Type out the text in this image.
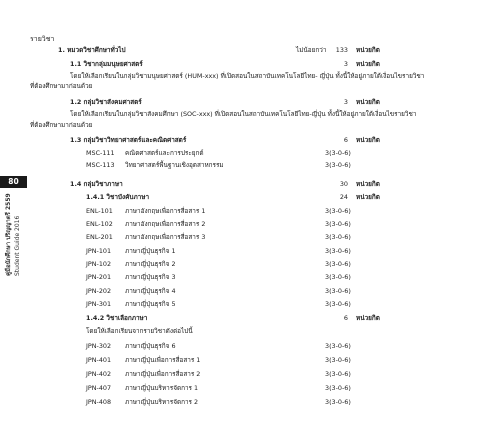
80
คู่มือนักศึกษา ปริญญาตรี 2559 Student Guide 2016
รายวิชา
1. หมวดวิชาศึกษาทั่วไป	ไม่น้อยกว่า	133 หน่วยกิต
1.1 วิชากลุ่มมนุษยศาสตร์	3 หน่วยกิต
โดยให้เลือกเรียนในกลุ่มวิชามนุษยศาสตร์ (HUM-xxx) ที่เปิดสอนในสถาบันเทคโนโลยีไทย- ญี่ปุ่น ทั้งนี้ให้อยู่ภายใต้เงื่อนไขรายวิชา
ที่ต้องศึกษามาก่อนด้วย
1.2 กลุ่มวิชาสังคมศาสตร์	3 หน่วยกิต
โดยให้เลือกเรียนในกลุ่มวิชาสังคมศึกษา (SOC-xxx) ที่เปิดสอนในสถาบันเทคโนโลยีไทย-ญี่ปุ่น ทั้งนี้ให้อยู่ภายใต้เงื่อนไขรายวิชา
ที่ต้องศึกษามาก่อนด้วย
1.3 กลุ่มวิชาวิทยาศาสตร์และคณิตศาสตร์	6 หน่วยกิต
MSC-111 คณิตศาสตร์และการประยุกต์	3(3-0-6)
MSC-113 วิทยาศาสตร์พื้นฐานเชิงอุตสาหกรรม	3(3-0-6)
1.4 กลุ่มวิชาภาษา	30 หน่วยกิต
1.4.1 วิชาบังคับภาษา	24 หน่วยกิต
ENL-101 ภาษาอังกฤษเพื่อการสื่อสาร 1	3(3-0-6)
ENL-102 ภาษาอังกฤษเพื่อการสื่อสาร 2	3(3-0-6)
ENL-201 ภาษาอังกฤษเพื่อการสื่อสาร 3	3(3-0-6)
JPN-101 ภาษาญี่ปุ่นธุรกิจ 1	3(3-0-6)
JPN-102 ภาษาญี่ปุ่นธุรกิจ 2	3(3-0-6)
JPN-201 ภาษาญี่ปุ่นธุรกิจ 3	3(3-0-6)
JPN-202 ภาษาญี่ปุ่นธุรกิจ 4	3(3-0-6)
JPN-301 ภาษาญี่ปุ่นธุรกิจ 5	3(3-0-6)
1.4.2 วิชาเลือกภาษา	6 หน่วยกิต
โดยให้เลือกเรียนจากรายวิชาดังต่อไปนี้
JPN-302 ภาษาญี่ปุ่นธุรกิจ 6	3(3-0-6)
JPN-401 ภาษาญี่ปุ่นเพื่อการสื่อสาร 1	3(3-0-6)
JPN-402 ภาษาญี่ปุ่นเพื่อการสื่อสาร 2	3(3-0-6)
JPN-407 ภาษาญี่ปุ่นบริหารจัดการ 1	3(3-0-6)
JPN-408 ภาษาญี่ปุ่นบริหารจัดการ 2	3(3-0-6)
